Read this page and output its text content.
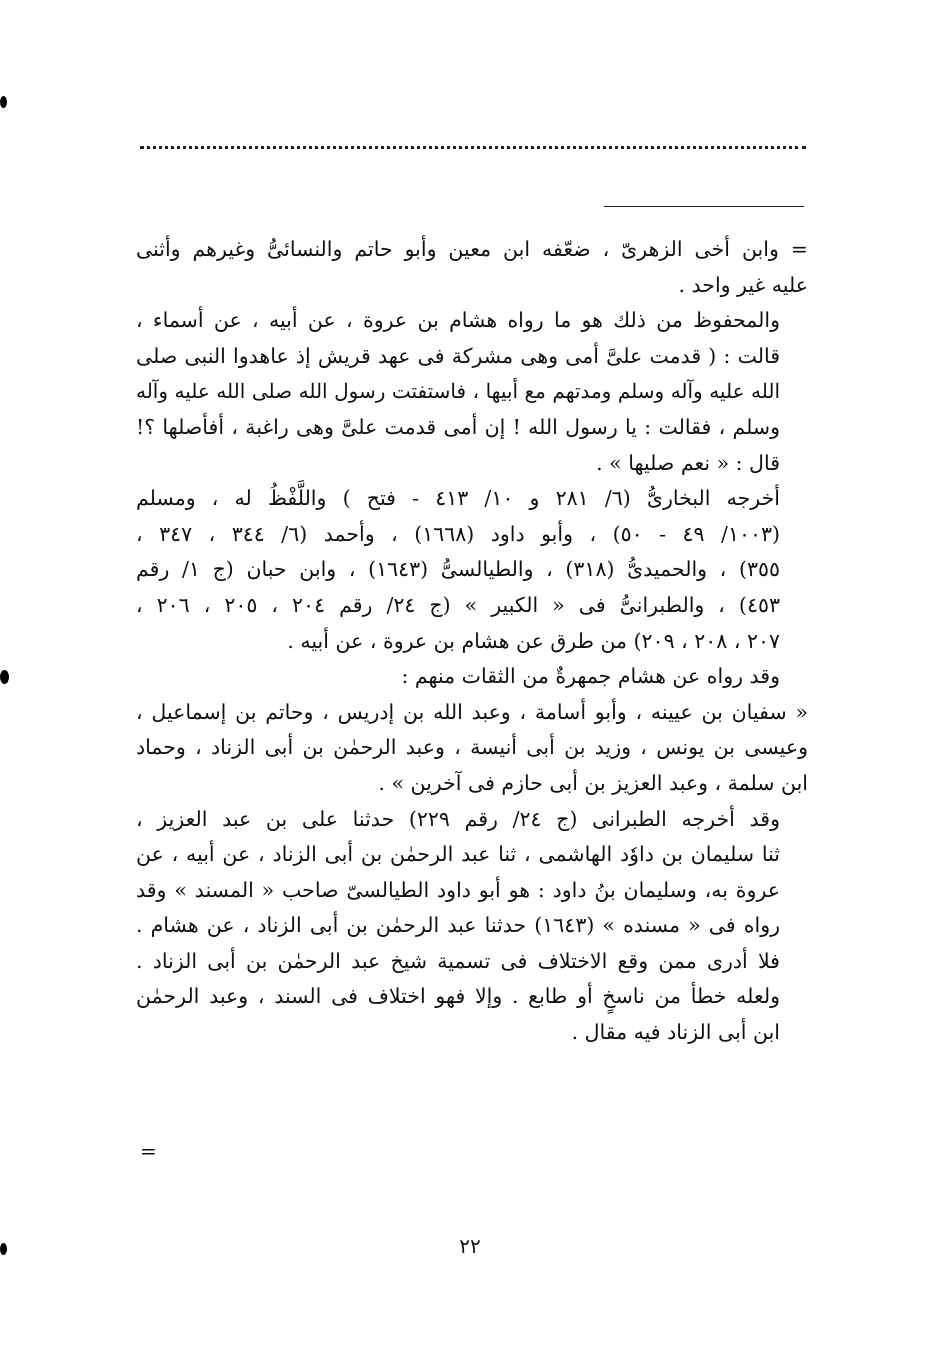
= وابن أخى الزهرىّ ، ضعّفه ابن معين وأبو حاتم والنسائىُّ وغيرهم وأثنى
عليه غير واحد .
والمحفوظ من ذلك هو ما رواه هشام بن عروة ، عن أبيه ، عن أسماء ،
قالت : ( قدمت علىَّ أمى وهى مشركة فى عهد قريش إذ عاهدوا النبى صلى
الله عليه وآله وسلم ومدتهم مع أبيها ، فاستفتت رسول الله صلى الله عليه وآله
وسلم ، فقالت : يا رسول الله ! إن أمى قدمت علىَّ وهى راغبة ، أفأصلها ؟!
قال : « نعم صليها » .
أخرجه البخارىُّ (٦/ ٢٨١ و ١٠/ ٤١٣ - فتح ) واللَّفْظُ له ، ومسلم
(١٠٠٣/ ٤٩ - ٥٠) ، وأبو داود (١٦٦٨) ، وأحمد (٦/ ٣٤٤ ، ٣٤٧ ،
٣٥٥) ، والحميدىُّ (٣١٨) ، والطيالسىُّ (١٦٤٣) ، وابن حبان (ج ١/ رقم
٤٥٣) ، والطبرانىُّ فى « الكبير » (ج ٢٤/ رقم ٢٠٤ ، ٢٠٥ ، ٢٠٦ ،
٢٠٧ ، ٢٠٨ ، ٢٠٩) من طرق عن هشام بن عروة ، عن أبيه .
وقد رواه عن هشام جمهرةٌ من الثقات منهم :
« سفيان بن عيينه ، وأبو أسامة ، وعبد الله بن إدريس ، وحاتم بن إسماعيل ،
وعيسى بن يونس ، وزيد بن أبى أنيسة ، وعبد الرحمٰن بن أبى الزناد ، وحماد
ابن سلمة ، وعبد العزيز بن أبى حازم فى آخرين » .
وقد أخرجه الطبرانى (ج ٢٤/ رقم ٢٢٩) حدثنا على بن عبد العزيز ،
ثنا سليمان بن داوٗد الهاشمى ، ثنا عبد الرحمٰن بن أبى الزناد ، عن أبيه ، عن
عروة به، وسليمان بنُ داود : هو أبو داود الطيالسىّ صاحب « المسند » وقد
رواه فى « مسنده » (١٦٤٣) حدثنا عبد الرحمٰن بن أبى الزناد ، عن هشام .
فلا أدرى ممن وقع الاختلاف فى تسمية شيخ عبد الرحمٰن بن أبى الزناد .
ولعله خطأ من ناسخٍ أو طابع . وإلا فهو اختلاف فى السند ، وعبد الرحمٰن
ابن أبى الزناد فيه مقال .
=
٢٢
